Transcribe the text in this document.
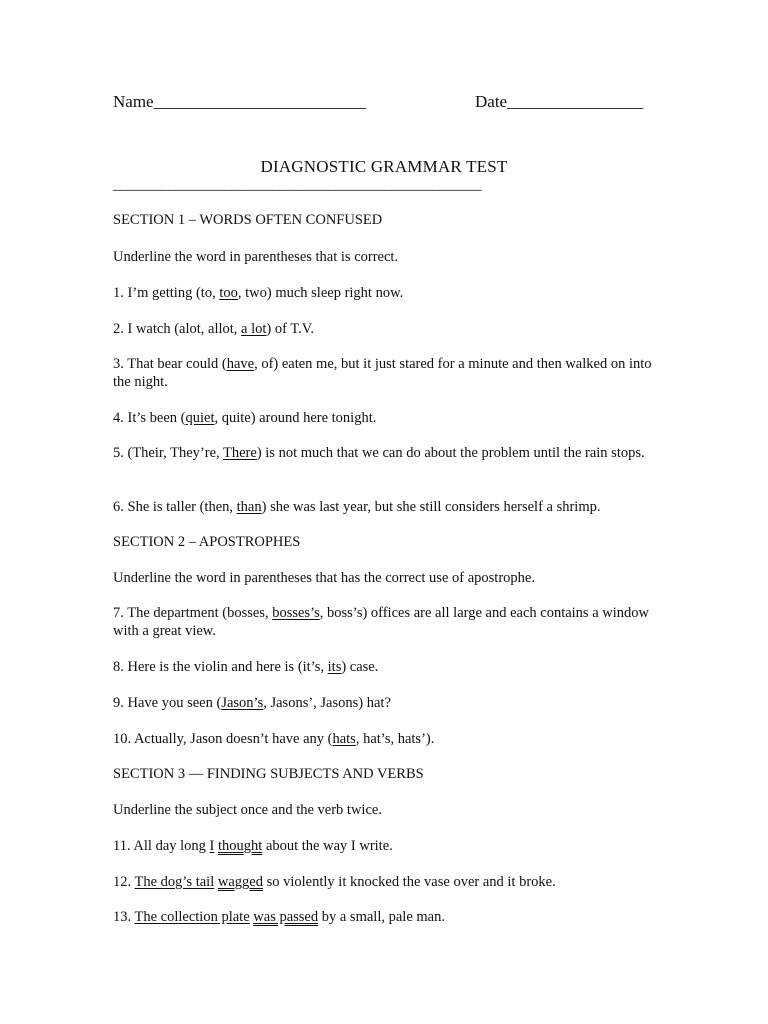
Name_________________________	Date________________
DIAGNOSTIC GRAMMAR TEST
_____________________________________________________

SECTION 1 – WORDS OFTEN CONFUSED

Underline the word in parentheses that is correct.

1. I’m getting (to, too, two) much sleep right now.

2. I watch (alot, allot, a lot) of T.V.

3. That bear could (have, of) eaten me, but it just stared for a minute and then walked on into the night.

4. It’s been (quiet, quite) around here tonight.

5. (Their, They’re, There) is not much that we can do about the problem until the rain stops.

6. She is taller (then, than) she was last year, but she still considers herself a shrimp.

SECTION 2 – APOSTROPHES

Underline the word in parentheses that has the correct use of apostrophe.

7. The department (bosses, bosses’s, boss’s) offices are all large and each contains a window with a great view.

8. Here is the violin and here is (it’s, its) case.

9. Have you seen (Jason’s, Jasons’, Jasons) hat?

10. Actually, Jason doesn’t have any (hats, hat’s, hats’).

SECTION 3 — FINDING SUBJECTS AND VERBS

Underline the subject once and the verb twice.

11. All day long I thought about the way I write.

12. The dog’s tail wagged so violently it knocked the vase over and it broke.

13. The collection plate was passed by a small, pale man.
